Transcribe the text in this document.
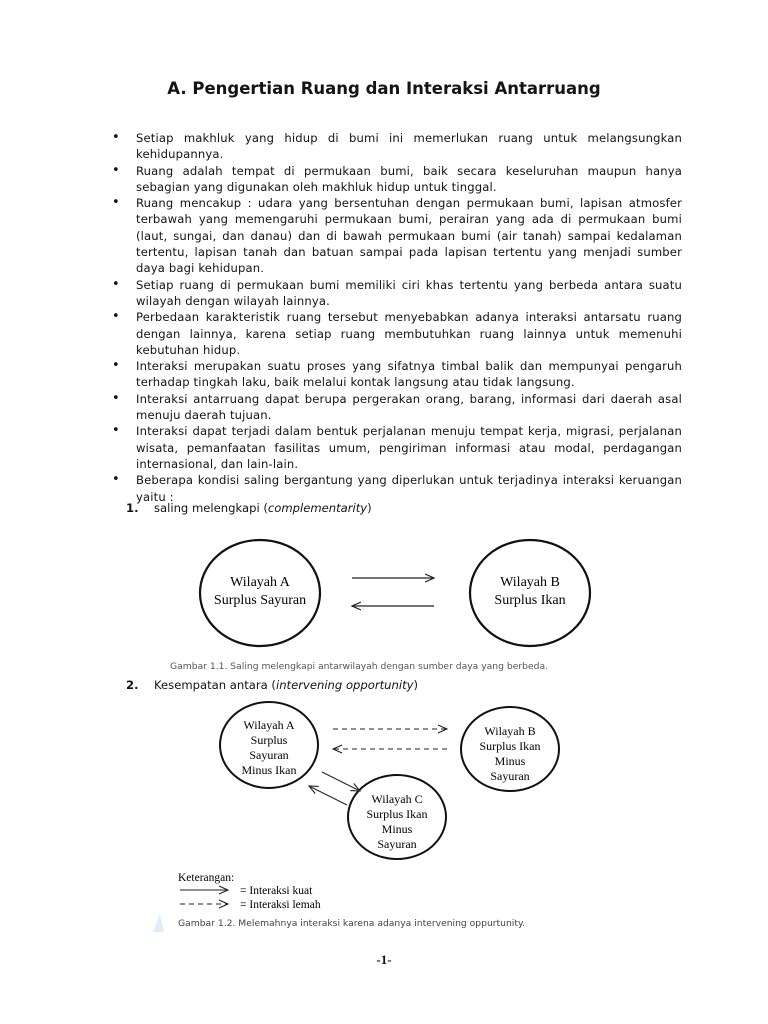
A. Pengertian Ruang dan Interaksi Antarruang
• Setiap makhluk yang hidup di bumi ini memerlukan ruang untuk melangsungkan kehidupannya.
• Ruang adalah tempat di permukaan bumi, baik secara keseluruhan maupun hanya sebagian yang digunakan oleh makhluk hidup untuk tinggal.
• Ruang mencakup : udara yang bersentuhan dengan permukaan bumi, lapisan atmosfer terbawah yang memengaruhi permukaan bumi, perairan yang ada di permukaan bumi (laut, sungai, dan danau) dan di bawah permukaan bumi (air tanah) sampai kedalaman tertentu, lapisan tanah dan batuan sampai pada lapisan tertentu yang menjadi sumber daya bagi kehidupan.
• Setiap ruang di permukaan bumi memiliki ciri khas tertentu yang berbeda antara suatu wilayah dengan wilayah lainnya.
• Perbedaan karakteristik ruang tersebut menyebabkan adanya interaksi antarsatu ruang dengan lainnya, karena setiap ruang membutuhkan ruang lainnya untuk memenuhi kebutuhan hidup.
• Interaksi merupakan suatu proses yang sifatnya timbal balik dan mempunyai pengaruh terhadap tingkah laku, baik melalui kontak langsung atau tidak langsung.
• Interaksi antarruang dapat berupa pergerakan orang, barang, informasi dari daerah asal menuju daerah tujuan.
• Interaksi dapat terjadi dalam bentuk perjalanan menuju tempat kerja, migrasi, perjalanan wisata, pemanfaatan fasilitas umum, pengiriman informasi atau modal, perdagangan internasional, dan lain-lain.
• Beberapa kondisi saling bergantung yang diperlukan untuk terjadinya interaksi keruangan yaitu :
1. saling melengkapi (complementarity)
Wilayah A
Surplus Sayuran
Wilayah B
Surplus Ikan
Gambar 1.1. Saling melengkapi antarwilayah dengan sumber daya yang berbeda.
2. Kesempatan antara (intervening opportunity)
Wilayah A
Surplus
Sayuran
Minus Ikan
Wilayah B
Surplus Ikan
Minus
Sayuran
Wilayah C
Surplus Ikan
Minus
Sayuran
Keterangan:
= Interaksi kuat
= Interaksi lemah
Gambar 1.2. Melemahnya interaksi karena adanya intervening oppurtunity.
-1-
